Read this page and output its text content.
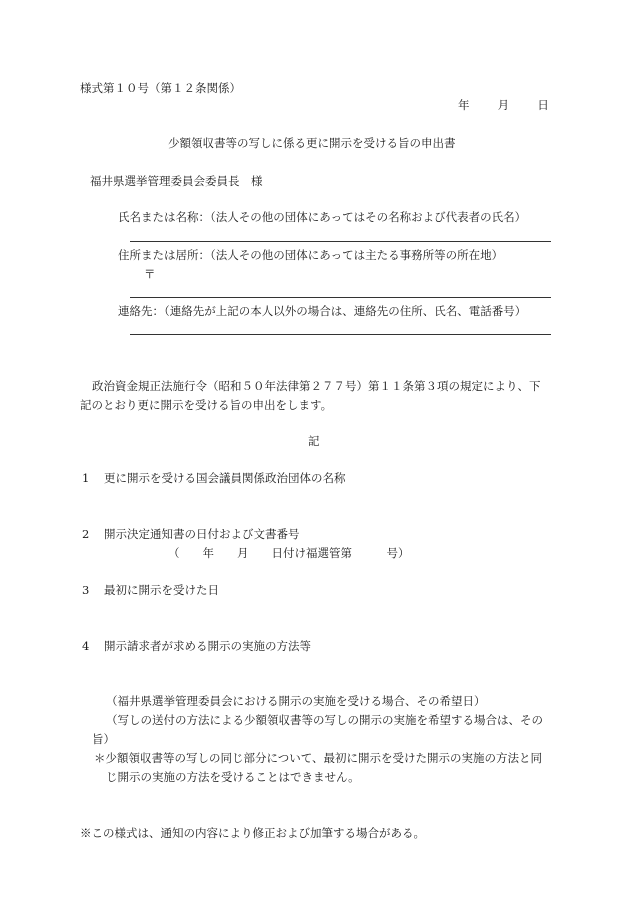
様式第１０号（第１２条関係）
年 月 日
少額領収書等の写しに係る更に開示を受ける旨の申出書
福井県選挙管理委員会委員長　様
氏名または名称：（法人その他の団体にあってはその名称および代表者の氏名）
住所または居所：（法人その他の団体にあっては主たる事務所等の所在地）
〒
連絡先：（連絡先が上記の本人以外の場合は、連絡先の住所、氏名、電話番号）
政治資金規正法施行令（昭和５０年法律第２７７号）第１１条第３項の規定により、下
記のとおり更に開示を受ける旨の申出をします。
記
1 更に開示を受ける国会議員関係政治団体の名称
2 開示決定通知書の日付および文書番号
（　　年　　月　　日付け福選管第　　　号）
3 最初に開示を受けた日
4 開示請求者が求める開示の実施の方法等
（福井県選挙管理委員会における開示の実施を受ける場合、その希望日）
（写しの送付の方法による少額領収書等の写しの開示の実施を希望する場合は、その
旨）
＊少額領収書等の写しの同じ部分について、最初に開示を受けた開示の実施の方法と同
じ開示の実施の方法を受けることはできません。
※この様式は、通知の内容により修正および加筆する場合がある。
